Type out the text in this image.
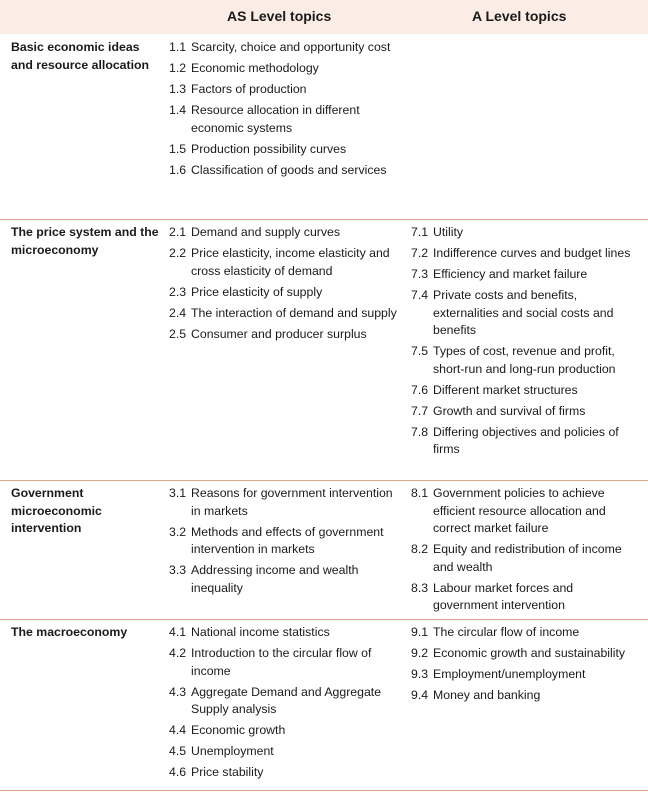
AS Level topics	A Level topics
Basic economic ideas and resource allocation
1.1 Scarcity, choice and opportunity cost
1.2 Economic methodology
1.3 Factors of production
1.4 Resource allocation in different economic systems
1.5 Production possibility curves
1.6 Classification of goods and services
The price system and the microeconomy
2.1 Demand and supply curves
2.2 Price elasticity, income elasticity and cross elasticity of demand
2.3 Price elasticity of supply
2.4 The interaction of demand and supply
2.5 Consumer and producer surplus
7.1 Utility
7.2 Indifference curves and budget lines
7.3 Efficiency and market failure
7.4 Private costs and benefits, externalities and social costs and benefits
7.5 Types of cost, revenue and profit, short-run and long-run production
7.6 Different market structures
7.7 Growth and survival of firms
7.8 Differing objectives and policies of firms
Government microeconomic intervention
3.1 Reasons for government intervention in markets
3.2 Methods and effects of government intervention in markets
3.3 Addressing income and wealth inequality
8.1 Government policies to achieve efficient resource allocation and correct market failure
8.2 Equity and redistribution of income and wealth
8.3 Labour market forces and government intervention
The macroeconomy	4.1 National income statistics
4.2 Introduction to the circular flow of income
4.3 Aggregate Demand and Aggregate Supply analysis
4.4 Economic growth
4.5 Unemployment
4.6 Price stability
9.1 The circular flow of income
9.2 Economic growth and sustainability
9.3 Employment/unemployment
9.4 Money and banking
